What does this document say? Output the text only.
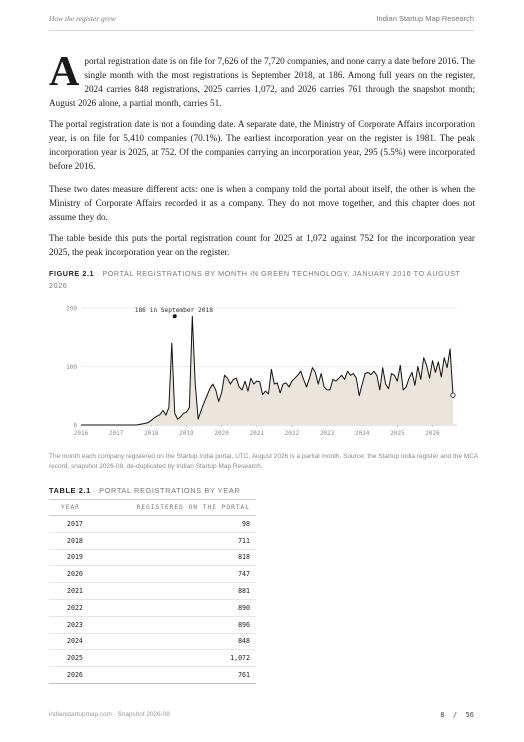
How the register grew	Indian Startup Map Research

A portal registration date is on file for 7,626 of the 7,720 companies, and none carry a date before 2016. The single month with the most registrations is September 2018, at 186. Among full years on the register, 2024 carries 848 registrations, 2025 carries 1,072, and 2026 carries 761 through the snapshot month; August 2026 alone, a partial month, carries 51.

The portal registration date is not a founding date. A separate date, the Ministry of Corporate Affairs incorporation year, is on file for 5,410 companies (70.1%). The earliest incorporation year on the register is 1981. The peak incorporation year is 2025, at 752. Of the companies carrying an incorporation year, 295 (5.5%) were incorporated before 2016.

These two dates measure different acts: one is when a company told the portal about itself, the other is when the Ministry of Corporate Affairs recorded it as a company. They do not move together, and this chapter does not assume they do.

The table beside this puts the portal registration count for 2025 at 1,072 against 752 for the incorporation year 2025, the peak incorporation year on the register.

FIGURE 2.1 · PORTAL REGISTRATIONS BY MONTH IN GREEN TECHNOLOGY, JANUARY 2016 TO AUGUST 2026
0
100
200
2016	2017	2018	2019	2020	2021	2022	2023	2024	2025	2026
186 in September 2018

The month each company registered on the Startup India portal, UTC. August 2026 is a partial month. Source: the Startup India register and the MCA record, snapshot 2026-08, de-duplicated by Indian Startup Map Research.

TABLE 2.1 · PORTAL REGISTRATIONS BY YEAR
YEAR	REGISTERED ON THE PORTAL
2017	98
2018	711
2019	818
2020	747
2021	881
2022	890
2023	896
2024	848
2025	1,072
2026	761
indianstartupmap.com · Snapshot 2026-08	8 / 56
